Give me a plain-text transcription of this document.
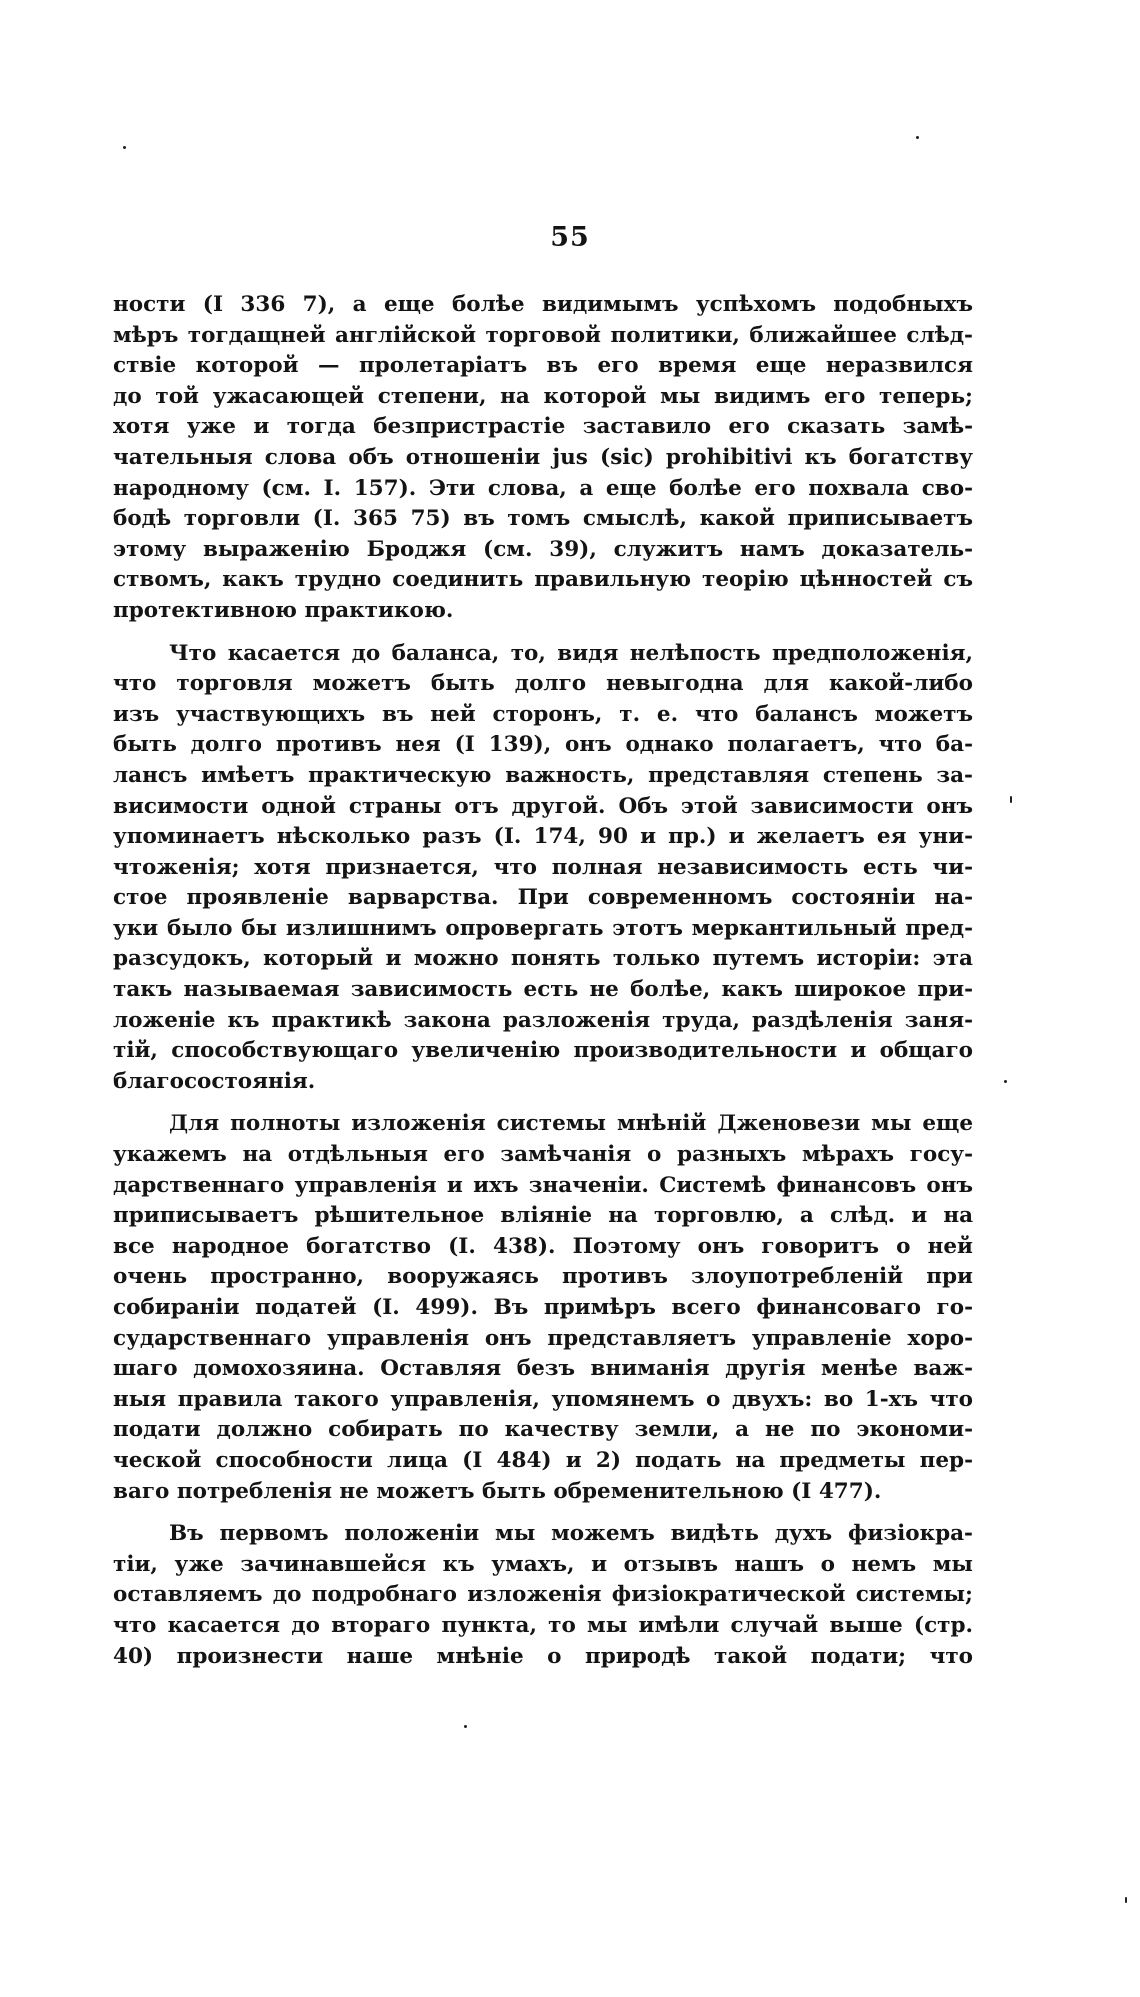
55
ности (I 336 7), а еще болѣе видимымъ успѣхомъ подобныхъ
мѣръ тогдащней англійской торговой политики, ближайшее слѣд-
ствіе которой — пролетаріатъ въ его время еще неразвился
до той ужасающей степени, на которой мы видимъ его теперь;
хотя уже и тогда безпристрастіе заставило его сказать замѣ-
чательныя слова объ отношеніи jus (sic) prohibitivi къ богатству
народному (см. I. 157). Эти слова, а еще болѣе его похвала сво-
бодѣ торговли (I. 365 75) въ томъ смыслѣ, какой приписываетъ
этому выраженію Броджя (см. 39), служитъ намъ доказатель-
ствомъ, какъ трудно соединить правильную теорію цѣнностей съ
протективною практикою.
Что касается до баланса, то, видя нелѣпость предположенія,
что торговля можетъ быть долго невыгодна для какой-либо
изъ участвующихъ въ ней сторонъ, т. е. что балансъ можетъ
быть долго противъ нея (I 139), онъ однако полагаетъ, что ба-
лансъ имѣетъ практическую важность, представляя степень за-
висимости одной страны отъ другой. Объ этой зависимости онъ
упоминаетъ нѣсколько разъ (I. 174, 90 и пр.) и желаетъ ея уни-
чтоженія; хотя признается, что полная независимость есть чи-
стое проявленіе варварства. При современномъ состояніи на-
уки было бы излишнимъ опровергать этотъ меркантильный пред-
разсудокъ, который и можно понять только путемъ исторіи: эта
такъ называемая зависимость есть не болѣе, какъ широкое при-
ложеніе къ практикѣ закона разложенія труда, раздѣленія заня-
тій, способствующаго увеличенію производительности и общаго
благосостоянія.
Для полноты изложенія системы мнѣній Дженовези мы еще
укажемъ на отдѣльныя его замѣчанія о разныхъ мѣрахъ госу-
дарственнаго управленія и ихъ значеніи. Системѣ финансовъ онъ
приписываетъ рѣшительное вліяніе на торговлю, а слѣд. и на
все народное богатство (I. 438). Поэтому онъ говоритъ о ней
очень пространно, вооружаясь противъ злоупотребленій при
собираніи податей (I. 499). Въ примѣръ всего финансоваго го-
сударственнаго управленія онъ представляетъ управленіе хоро-
шаго домохозяина. Оставляя безъ вниманія другія менѣе важ-
ныя правила такого управленія, упомянемъ о двухъ: во 1-хъ что
подати должно собирать по качеству земли, а не по экономи-
ческой способности лица (I 484) и 2) подать на предметы пер-
ваго потребленія не можетъ быть обременительною (I 477).
Въ первомъ положеніи мы можемъ видѣть духъ физіокра-
тіи, уже зачинавшейся къ умахъ, и отзывъ нашъ о немъ мы
оставляемъ до подробнаго изложенія физіократической системы;
что касается до втораго пункта, то мы имѣли случай выше (стр.
40) произнести наше мнѣніе о природѣ такой подати; что
